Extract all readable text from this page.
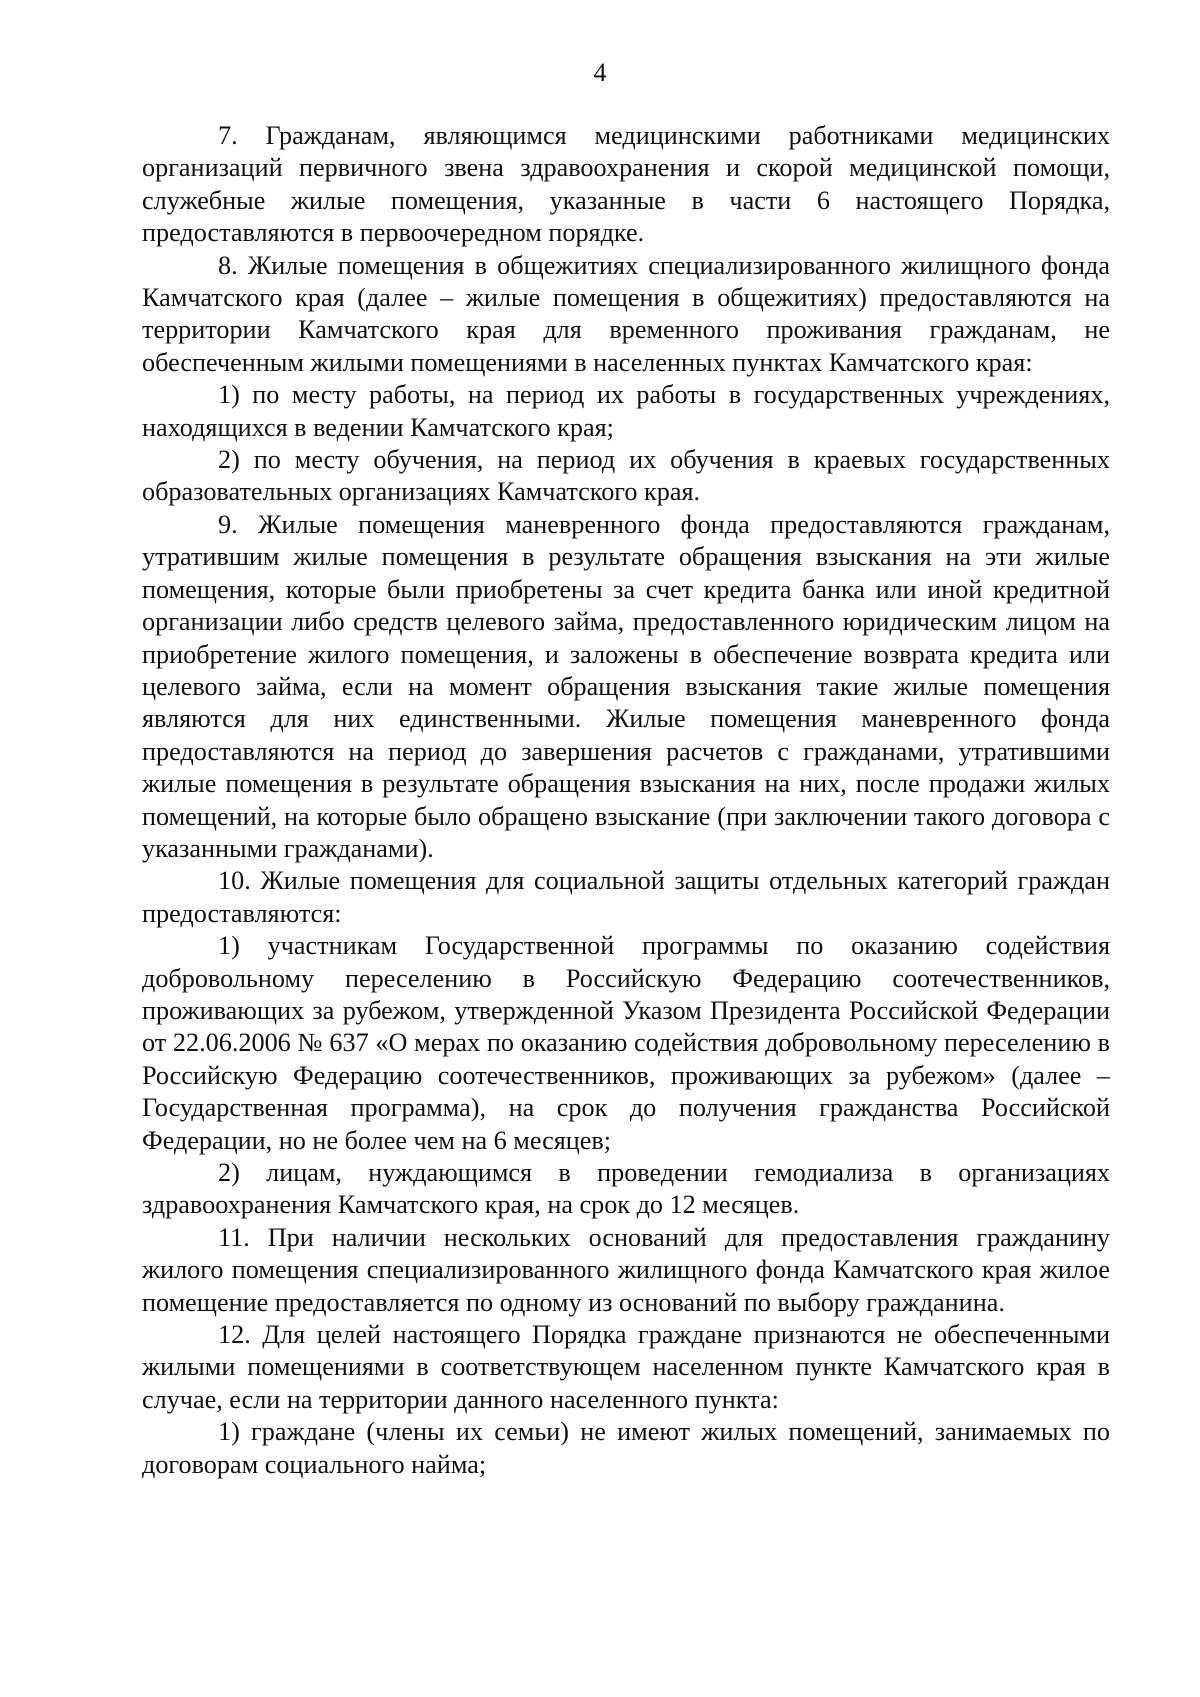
4

7. Гражданам, являющимся медицинскими работниками медицинских организаций первичного звена здравоохранения и скорой медицинской помощи, служебные жилые помещения, указанные в части 6 настоящего Порядка, предоставляются в первоочередном порядке.

8. Жилые помещения в общежитиях специализированного жилищного фонда Камчатского края (далее – жилые помещения в общежитиях) предоставляются на территории Камчатского края для временного проживания гражданам, не обеспеченным жилыми помещениями в населенных пунктах Камчатского края:

1) по месту работы, на период их работы в государственных учреждениях, находящихся в ведении Камчатского края;

2) по месту обучения, на период их обучения в краевых государственных образовательных организациях Камчатского края.

9. Жилые помещения маневренного фонда предоставляются гражданам, утратившим жилые помещения в результате обращения взыскания на эти жилые помещения, которые были приобретены за счет кредита банка или иной кредитной организации либо средств целевого займа, предоставленного юридическим лицом на приобретение жилого помещения, и заложены в обеспечение возврата кредита или целевого займа, если на момент обращения взыскания такие жилые помещения являются для них единственными. Жилые помещения маневренного фонда предоставляются на период до завершения расчетов с гражданами, утратившими жилые помещения в результате обращения взыскания на них, после продажи жилых помещений, на которые было обращено взыскание (при заключении такого договора с указанными гражданами).

10. Жилые помещения для социальной защиты отдельных категорий граждан предоставляются:

1) участникам Государственной программы по оказанию содействия добровольному переселению в Российскую Федерацию соотечественников, проживающих за рубежом, утвержденной Указом Президента Российской Федерации от 22.06.2006 № 637 «О мерах по оказанию содействия добровольному переселению в Российскую Федерацию соотечественников, проживающих за рубежом» (далее – Государственная программа), на срок до получения гражданства Российской Федерации, но не более чем на 6 месяцев;

2) лицам, нуждающимся в проведении гемодиализа в организациях здравоохранения Камчатского края, на срок до 12 месяцев.

11. При наличии нескольких оснований для предоставления гражданину жилого помещения специализированного жилищного фонда Камчатского края жилое помещение предоставляется по одному из оснований по выбору гражданина.

12. Для целей настоящего Порядка граждане признаются не обеспеченными жилыми помещениями в соответствующем населенном пункте Камчатского края в случае, если на территории данного населенного пункта:

1) граждане (члены их семьи) не имеют жилых помещений, занимаемых по договорам социального найма;
